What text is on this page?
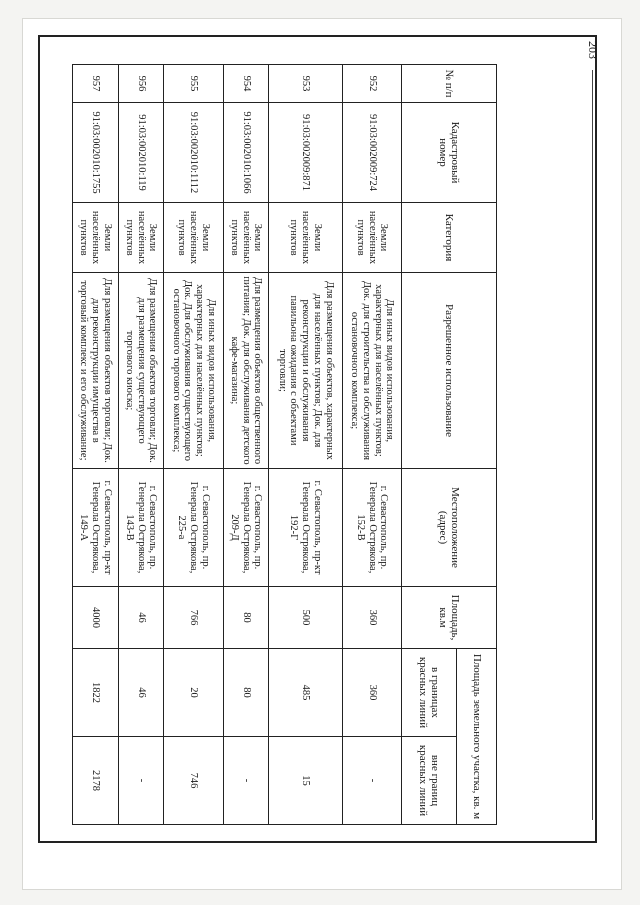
203
№ п/п	Кадастровый номер	Категория	Разрешенное использование	Местоположение (адрес)	Площадь, кв.м	Площадь земельного участка, кв. м	
						в границах красных линий	вне границ красных линий
952	91:03:002009:724	Земли населённых пунктов	Для иных видов использования, характерных для населённых пунктов; Док. для строительства и обслуживания остановочного комплекса;	г. Севастополь, пр. Генерала Острякова, 152-В	360	360	-
953	91:03:002009:871	Земли населённых пунктов	Для размещения объектов, характерных для населённых пунктов; Док. для реконструкции и обслуживания павильона ожидания с объектами торговли;	г. Севастополь, пр-кт Генерала Острякова, 192-Г	500	485	15
954	91:03:002010:1066	Земли населённых пунктов	Для размещения объектов общественного питания; Док. для обслуживания детского кафе-магазина;	г. Севастополь, пр. Генерала Острякова, 209-Д	80	80	-
955	91:03:002010:1112	Земли населённых пунктов	Для иных видов использования, характерных для населённых пунктов; Док. Для обслуживания существующего остановочного торгового комплекса;	г. Севастополь, пр. Генерала Острякова, 225-а	766	20	746
956	91:03:002010:119	Земли населённых пунктов	Для размещения объектов торговли; Док. для размещения существующего торгового киоска;	г. Севастополь, пр. Генерала Острякова, 143-В	46	46	-
957	91:03:002010:1755	Земли населённых пунктов	Для размещения объектов торговли; Док. для реконструкции имущества в торговый комплекс и его обслуживание;	г. Севастополь, пр-кт Генерала Острякова, 149-А	4000	1822	2178
